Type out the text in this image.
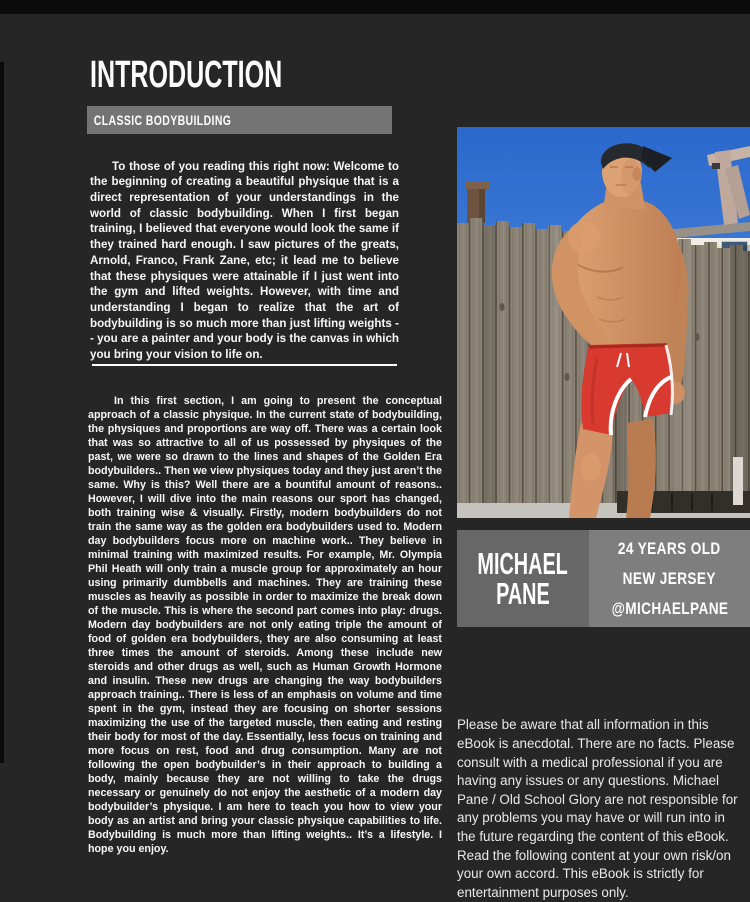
INTRODUCTION
CLASSIC BODYBUILDING

To those of you reading this right now: Welcome to the beginning of creating a beautiful physique that is a direct representation of your understandings in the world of classic bodybuilding. When I first began training, I believed that everyone would look the same if they trained hard enough. I saw pictures of the greats, Arnold, Franco, Frank Zane, etc; it lead me to believe that these physiques were attainable if I just went into the gym and lifted weights. However, with time and understanding I began to realize that the art of bodybuilding is so much more than just lifting weights -- you are a painter and your body is the canvas in which you bring your vision to life on.

In this first section, I am going to present the conceptual approach of a classic physique. In the current state of bodybuilding, the physiques and proportions are way off. There was a certain look that was so attractive to all of us possessed by physiques of the past, we were so drawn to the lines and shapes of the Golden Era bodybuilders.. Then we view physiques today and they just aren’t the same. Why is this? Well there are a bountiful amount of reasons.. However, I will dive into the main reasons our sport has changed, both training wise & visually. Firstly, modern bodybuilders do not train the same way as the golden era bodybuilders used to. Modern day bodybuilders focus more on machine work.. They believe in minimal training with maximized results. For example, Mr. Olympia Phil Heath will only train a muscle group for approximately an hour using primarily dumbbells and machines. They are training these muscles as heavily as possible in order to maximize the break down of the muscle. This is where the second part comes into play: drugs. Modern day bodybuilders are not only eating triple the amount of food of golden era bodybuilders, they are also consuming at least three times the amount of steroids. Among these include new steroids and other drugs as well, such as Human Growth Hormone and insulin. These new drugs are changing the way bodybuilders approach training.. There is less of an emphasis on volume and time spent in the gym, instead they are focusing on shorter sessions maximizing the use of the targeted muscle, then eating and resting their body for most of the day. Essentially, less focus on training and more focus on rest, food and drug consumption. Many are not following the open bodybuilder’s in their approach to building a body, mainly because they are not willing to take the drugs necessary or genuinely do not enjoy the aesthetic of a modern day bodybuilder’s physique. I am here to teach you how to view your body as an artist and bring your classic physique capabilities to life. Bodybuilding is much more than lifting weights.. It’s a lifestyle. I hope you enjoy.

MICHAEL
PANE
24 YEARS OLD
NEW JERSEY
@MICHAELPANE

Please be aware that all information in this eBook is anecdotal. There are no facts. Please consult with a medical professional if you are having any issues or any questions. Michael Pane / Old School Glory are not responsible for any problems you may have or will run into in the future regarding the content of this eBook. Read the following content at your own risk/on your own accord. This eBook is strictly for entertainment purposes only.
